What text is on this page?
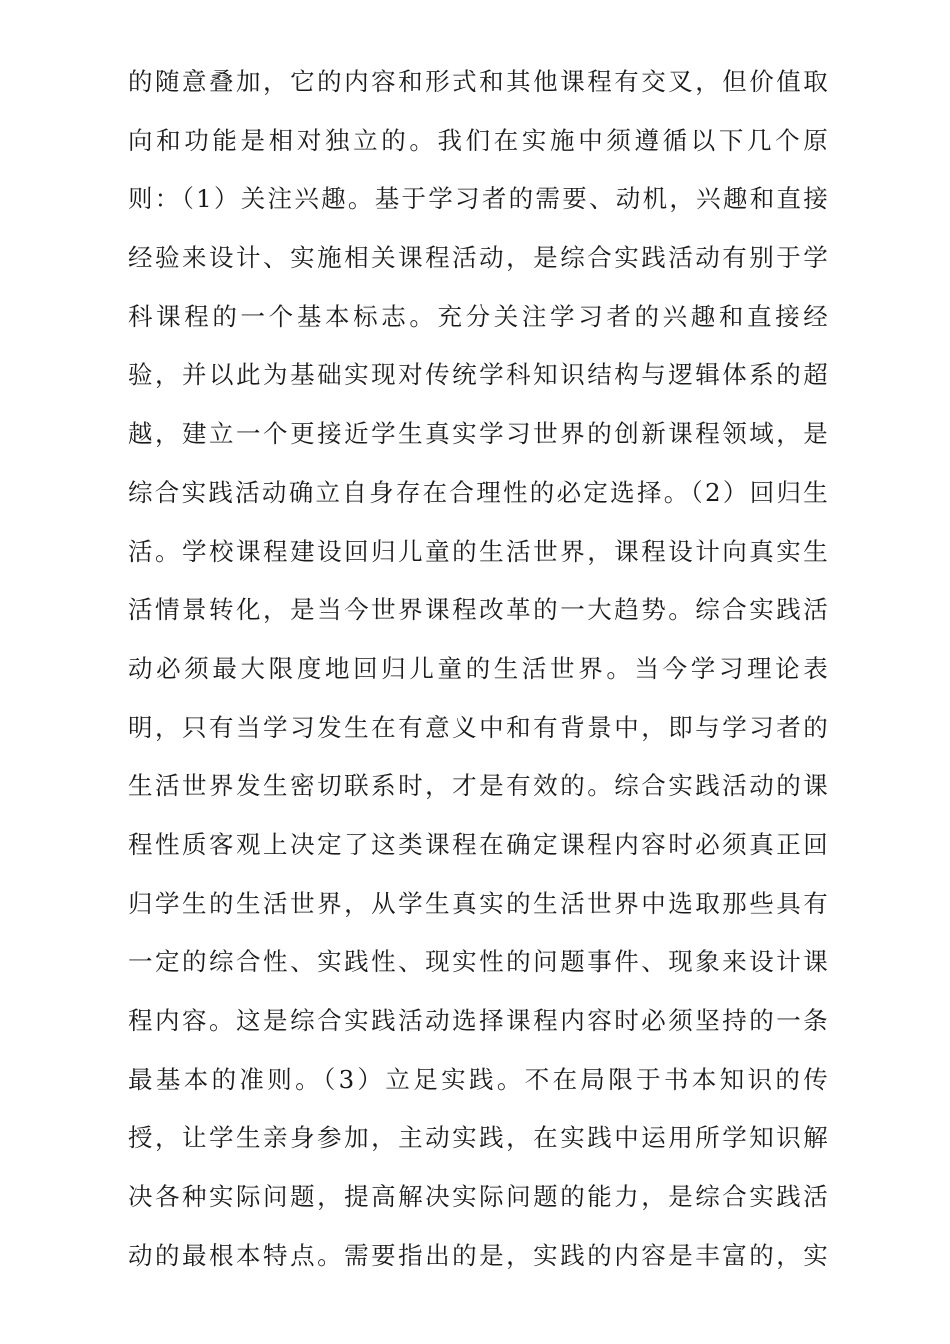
的随意叠加，它的内容和形式和其他课程有交叉，但价值取
向和功能是相对独立的。我们在实施中须遵循以下几个原
则：（1）关注兴趣。基于学习者的需要、动机，兴趣和直接
经验来设计、实施相关课程活动，是综合实践活动有别于学
科课程的一个基本标志。充分关注学习者的兴趣和直接经
验，并以此为基础实现对传统学科知识结构与逻辑体系的超
越，建立一个更接近学生真实学习世界的创新课程领域，是
综合实践活动确立自身存在合理性的必定选择。（2）回归生
活。学校课程建设回归儿童的生活世界，课程设计向真实生
活情景转化，是当今世界课程改革的一大趋势。综合实践活
动必须最大限度地回归儿童的生活世界。当今学习理论表
明，只有当学习发生在有意义中和有背景中，即与学习者的
生活世界发生密切联系时，才是有效的。综合实践活动的课
程性质客观上决定了这类课程在确定课程内容时必须真正回
归学生的生活世界，从学生真实的生活世界中选取那些具有
一定的综合性、实践性、现实性的问题事件、现象来设计课
程内容。这是综合实践活动选择课程内容时必须坚持的一条
最基本的准则。（3）立足实践。不在局限于书本知识的传
授，让学生亲身参加，主动实践，在实践中运用所学知识解
决各种实际问题，提高解决实际问题的能力，是综合实践活
动的最根本特点。需要指出的是，实践的内容是丰富的，实
